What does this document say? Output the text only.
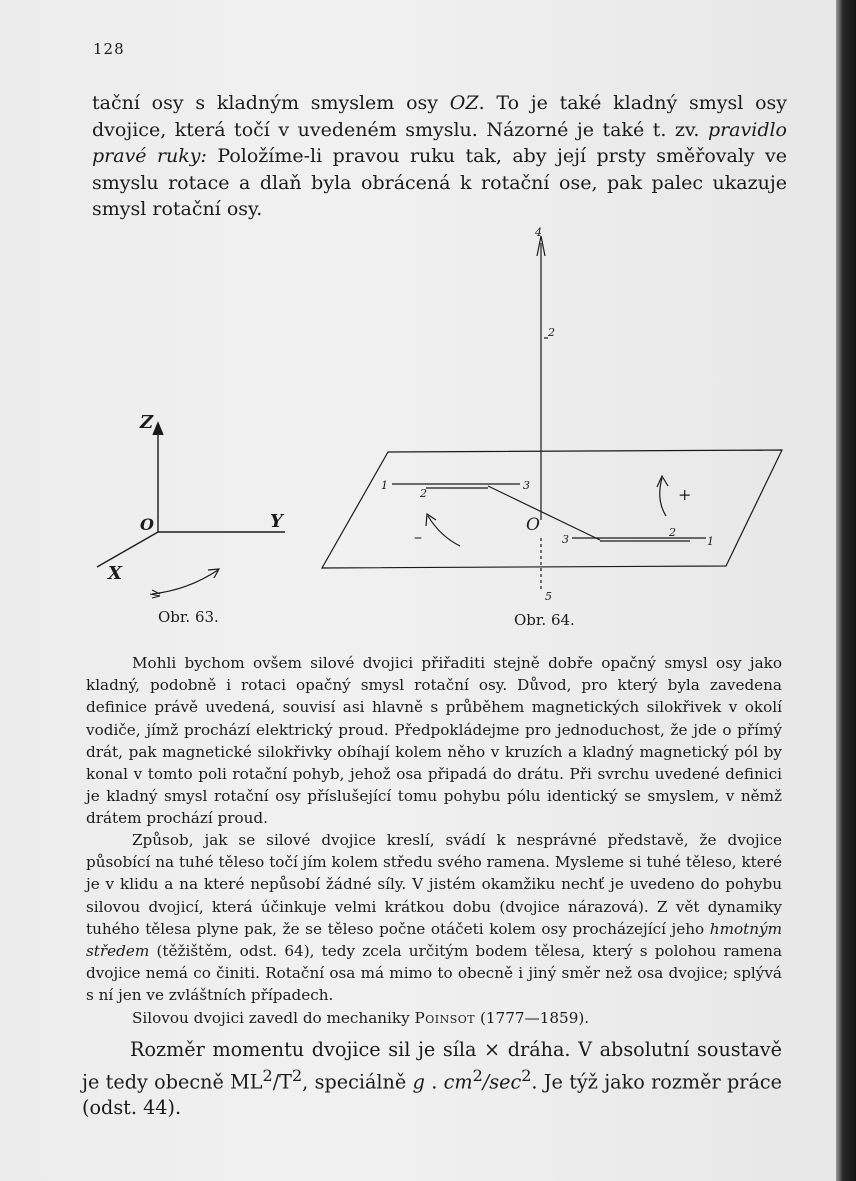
128

tační osy s kladným smyslem osy OZ. To je také kladný smysl osy dvojice, která točí v uvedeném smyslu. Názorné je také t. zv. pravidlo pravé ruky: Položíme-li pravou ruku tak, aby její prsty směřovaly ve smyslu rotace a dlaň byla obrácená k rotační ose, pak palec ukazuje smysl rotační osy.

Z
Y
X
O	O
+
–
1
2
3
4
2
3
2
1
5
Obr. 63.	Obr. 64.

Mohli bychom ovšem silové dvojici přiřaditi stejně dobře opačný smysl osy jako kladný, podobně i rotaci opačný smysl rotační osy. Důvod, pro který byla zavedena definice právě uvedená, souvisí asi hlavně s průběhem magnetických silokřivek v okolí vodiče, jímž prochází elektrický proud. Předpokládejme pro jednoduchost, že jde o přímý drát, pak magnetické silokřivky obíhají kolem něho v kruzích a kladný magnetický pól by konal v tomto poli rotační pohyb, jehož osa připadá do drátu. Při svrchu uvedené definici je kladný smysl rotační osy příslušející tomu pohybu pólu identický se smyslem, v němž drátem prochází proud.

Způsob, jak se silové dvojice kreslí, svádí k nesprávné představě, že dvojice působící na tuhé těleso točí jím kolem středu svého ramena. Mysleme si tuhé těleso, které je v klidu a na které nepůsobí žádné síly. V jistém okamžiku nechť je uvedeno do pohybu silovou dvojicí, která účinkuje velmi krátkou dobu (dvojice nárazová). Z vět dynamiky tuhého tělesa plyne pak, že se těleso počne otáčeti kolem osy procházející jeho hmotným středem (těžištěm, odst. 64), tedy zcela určitým bodem tělesa, který s polohou ramena dvojice nemá co činiti. Rotační osa má mimo to obecně i jiný směr než osa dvojice; splývá s ní jen ve zvláštních případech.

Silovou dvojici zavedl do mechaniky Poinsot (1777—1859).

Rozměr momentu dvojice sil je síla × dráha. V absolutní soustavě je tedy obecně $ML^2/T^2$, speciálně g . $cm^2/\sec^2$. Je týž jako rozměr práce (odst. 44).
